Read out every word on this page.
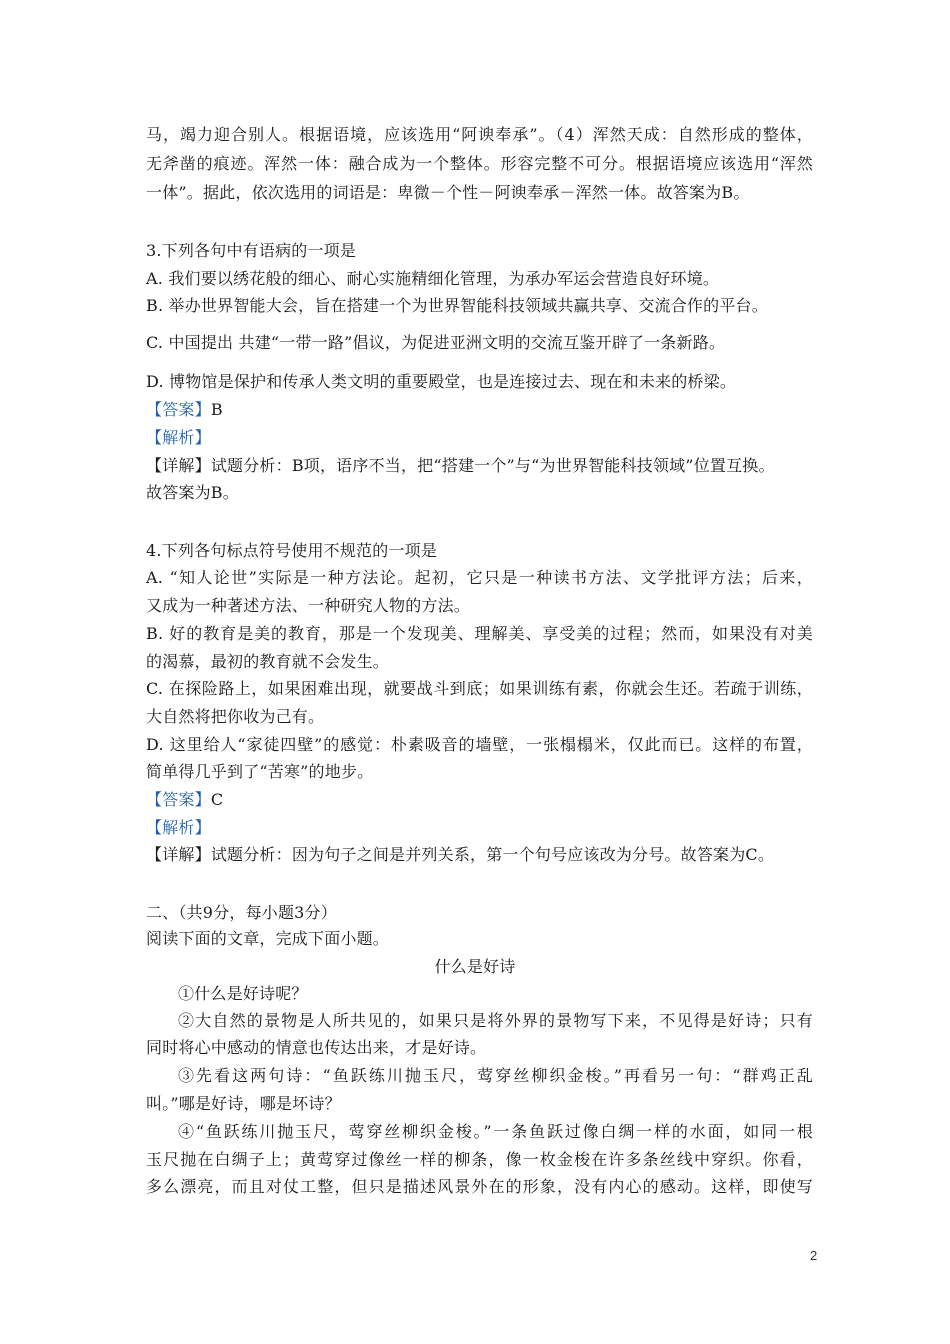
马，竭力迎合别人。根据语境，应该选用“阿谀奉承”。（4）浑然天成：自然形成的整体，
无斧凿的痕迹。浑然一体：融合成为一个整体。形容完整不可分。根据语境应该选用“浑然
一体”。据此，依次选用的词语是：卑微－个性－阿谀奉承－浑然一体。故答案为B。
3.下列各句中有语病的一项是
A. 我们要以绣花般的细心、耐心实施精细化管理，为承办军运会营造良好环境。
B. 举办世界智能大会，旨在搭建一个为世界智能科技领域共赢共享、交流合作的平台。
C. 中国提出 共建“一带一路”倡议，为促进亚洲文明的交流互鉴开辟了一条新路。
D. 博物馆是保护和传承人类文明的重要殿堂，也是连接过去、现在和未来的桥梁。
【答案】B
【解析】
【详解】试题分析：B项，语序不当，把“搭建一个”与“为世界智能科技领域”位置互换。
故答案为B。
4.下列各句标点符号使用不规范的一项是
A. “知人论世”实际是一种方法论。起初，它只是一种读书方法、文学批评方法；后来，
又成为一种著述方法、一种研究人物的方法。
B. 好的教育是美的教育，那是一个发现美、理解美、享受美的过程；然而，如果没有对美
的渴慕，最初的教育就不会发生。
C. 在探险路上，如果困难出现，就要战斗到底；如果训练有素，你就会生还。若疏于训练，
大自然将把你收为己有。
D. 这里给人“家徒四壁”的感觉：朴素吸音的墙壁，一张榻榻米，仅此而已。这样的布置，
简单得几乎到了“苦寒”的地步。
【答案】C
【解析】
【详解】试题分析：因为句子之间是并列关系，第一个句号应该改为分号。故答案为C。
二、（共9分，每小题3分）
阅读下面的文章，完成下面小题。
什么是好诗
①什么是好诗呢？
②大自然的景物是人所共见的，如果只是将外界的景物写下来，不见得是好诗；只有
同时将心中感动的情意也传达出来，才是好诗。
③先看这两句诗：“鱼跃练川抛玉尺，莺穿丝柳织金梭。”再看另一句：“群鸡正乱
叫。”哪是好诗，哪是坏诗？
④“鱼跃练川抛玉尺，莺穿丝柳织金梭。”一条鱼跃过像白绸一样的水面，如同一根
玉尺抛在白绸子上；黄莺穿过像丝一样的柳条，像一枚金梭在许多条丝线中穿织。你看，
多么漂亮，而且对仗工整，但只是描述风景外在的形象，没有内心的感动。这样，即使写
2
